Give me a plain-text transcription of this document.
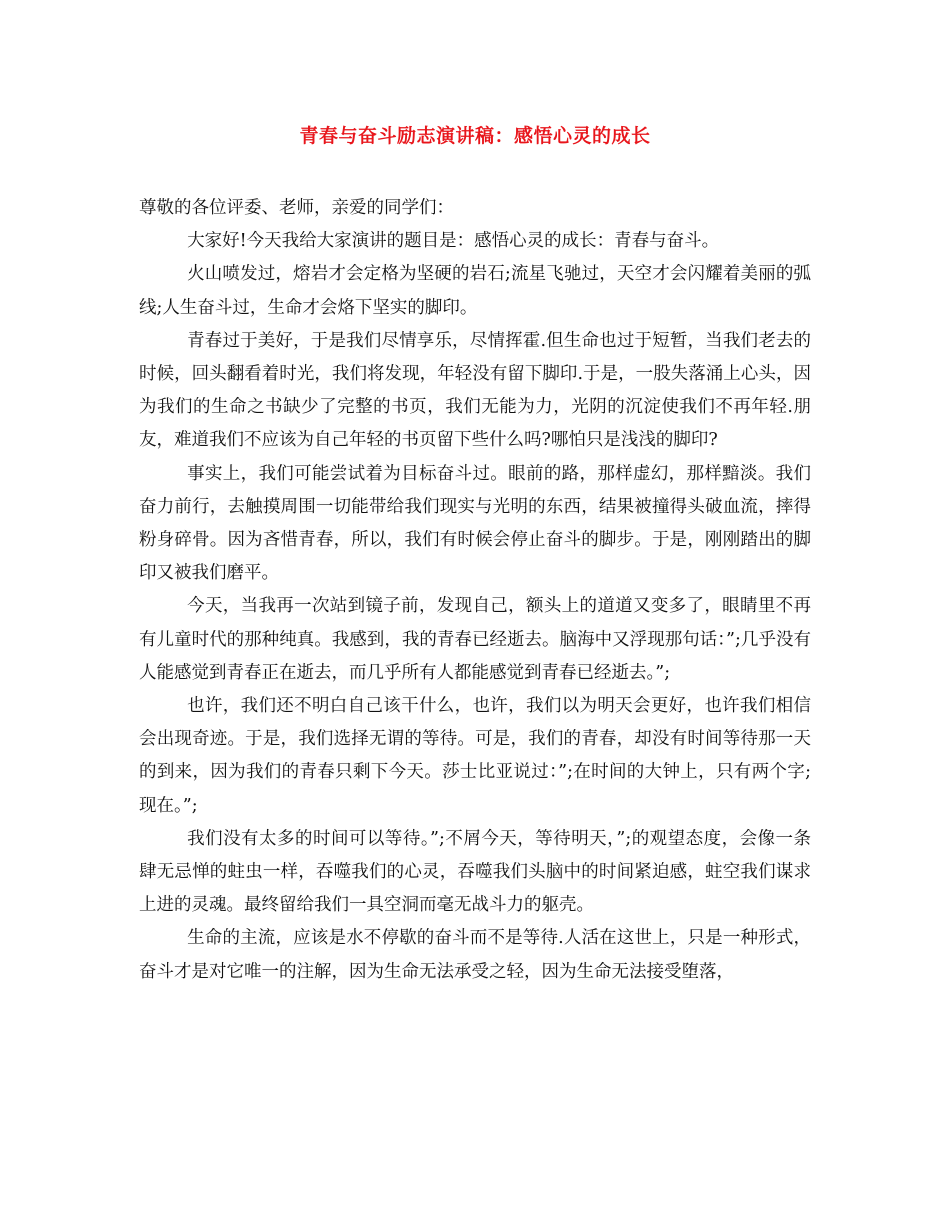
青春与奋斗励志演讲稿：感悟心灵的成长

尊敬的各位评委、老师，亲爱的同学们：

大家好!今天我给大家演讲的题目是：感悟心灵的成长：青春与奋斗。

火山喷发过，熔岩才会定格为坚硬的岩石;流星飞驰过，天空才会闪耀着美丽的弧线;人生奋斗过，生命才会烙下坚实的脚印。

青春过于美好，于是我们尽情享乐，尽情挥霍.但生命也过于短暂，当我们老去的时候，回头翻看着时光，我们将发现，年轻没有留下脚印.于是，一股失落涌上心头，因为我们的生命之书缺少了完整的书页，我们无能为力，光阴的沉淀使我们不再年轻.朋友，难道我们不应该为自己年轻的书页留下些什么吗?哪怕只是浅浅的脚印?

事实上，我们可能尝试着为目标奋斗过。眼前的路，那样虚幻，那样黯淡。我们奋力前行，去触摸周围一切能带给我们现实与光明的东西，结果被撞得头破血流，摔得粉身碎骨。因为吝惜青春，所以，我们有时候会停止奋斗的脚步。于是，刚刚踏出的脚印又被我们磨平。

今天，当我再一次站到镜子前，发现自己，额头上的道道又变多了，眼睛里不再有儿童时代的那种纯真。我感到，我的青春已经逝去。脑海中又浮现那句话：”;几乎没有人能感觉到青春正在逝去，而几乎所有人都能感觉到青春已经逝去。”;

也许，我们还不明白自己该干什么，也许，我们以为明天会更好，也许我们相信会出现奇迹。于是，我们选择无谓的等待。可是，我们的青春，却没有时间等待那一天的到来，因为我们的青春只剩下今天。莎士比亚说过：”;在时间的大钟上，只有两个字;现在。”;

我们没有太多的时间可以等待。”;不屑今天，等待明天，”;的观望态度，会像一条肆无忌惮的蛀虫一样，吞噬我们的心灵，吞噬我们头脑中的时间紧迫感，蛀空我们谋求上进的灵魂。最终留给我们一具空洞而毫无战斗力的躯壳。

生命的主流，应该是水不停歇的奋斗而不是等待.人活在这世上，只是一种形式，奋斗才是对它唯一的注解，因为生命无法承受之轻，因为生命无法接受堕落，
